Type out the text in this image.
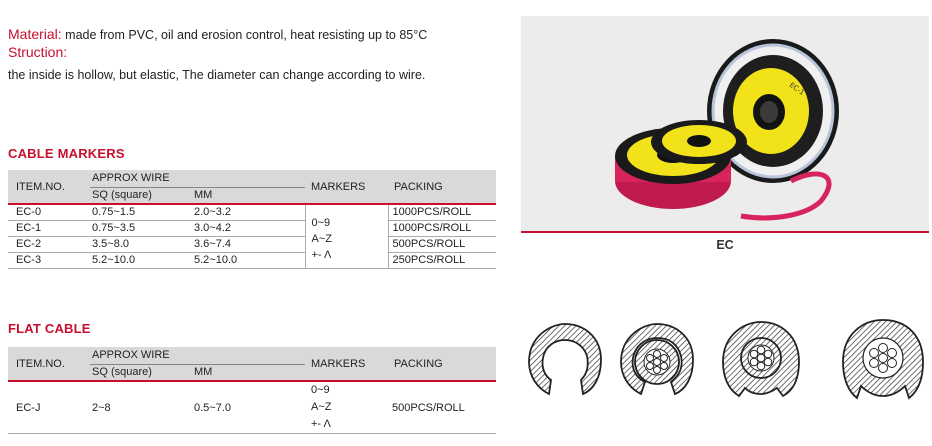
Material: made from PVC, oil and erosion control, heat resisting up to 85°C
Struction:
the inside is hollow, but elastic, The diameter can change according to wire.
CABLE MARKERS
ITEM.NO.	APPROX WIRE		MARKERS	PACKING
	SQ (square)	MM		
EC-0	0.75~1.5	2.0~3.2	0~9
A~Z
+- Λ	1000PCS/ROLL
EC-1	0.75~3.5	3.0~4.2		1000PCS/ROLL
EC-2	3.5~8.0	3.6~7.4		500PCS/ROLL
EC-3	5.2~10.0	5.2~10.0		250PCS/ROLL
FLAT CABLE
ITEM.NO.	APPROX WIRE		MARKERS	PACKING
	SQ (square)	MM		
EC-J	2~8	0.5~7.0	0~9
A~Z
+- Λ	500PCS/ROLL
EC-1
EC
